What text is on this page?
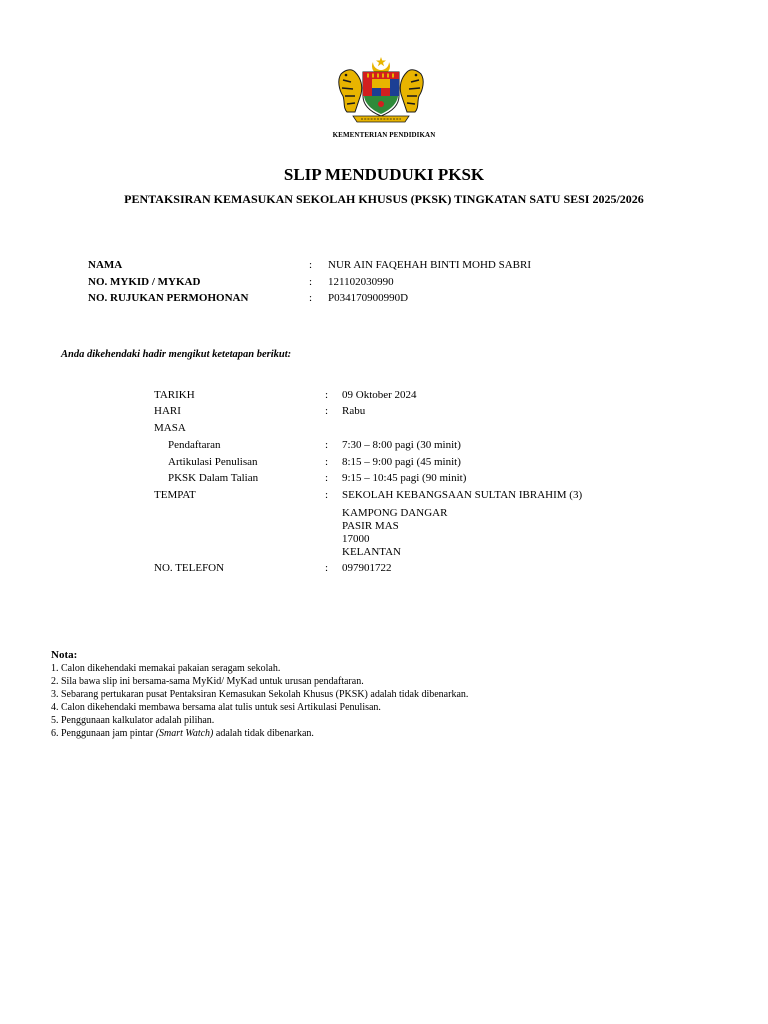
KEMENTERIAN PENDIDIKAN
SLIP MENDUDUKI PKSK
PENTAKSIRAN KEMASUKAN SEKOLAH KHUSUS (PKSK) TINGKATAN SATU SESI 2025/2026
NAMA	: NUR AIN FAQEHAH BINTI MOHD SABRI
NO. MYKID / MYKAD	: 121102030990
NO. RUJUKAN PERMOHONAN	: P034170900990D
Anda dikehendaki hadir mengikut ketetapan berikut:
TARIKH	: 09 Oktober 2024
HARI	: Rabu
MASA
Pendaftaran	: 7:30 – 8:00 pagi (30 minit)
Artikulasi Penulisan	: 8:15 – 9:00 pagi (45 minit)
PKSK Dalam Talian	: 9:15 – 10:45 pagi (90 minit)
TEMPAT	: SEKOLAH KEBANGSAAN SULTAN IBRAHIM (3)
KAMPONG DANGAR
PASIR MAS
17000
KELANTAN
NO. TELEFON	: 097901722
Nota:
1. Calon dikehendaki memakai pakaian seragam sekolah.
2. Sila bawa slip ini bersama-sama MyKid/ MyKad untuk urusan pendaftaran.
3. Sebarang pertukaran pusat Pentaksiran Kemasukan Sekolah Khusus (PKSK) adalah tidak dibenarkan.
4. Calon dikehendaki membawa bersama alat tulis untuk sesi Artikulasi Penulisan.
5. Penggunaan kalkulator adalah pilihan.
6. Penggunaan jam pintar (Smart Watch) adalah tidak dibenarkan.
